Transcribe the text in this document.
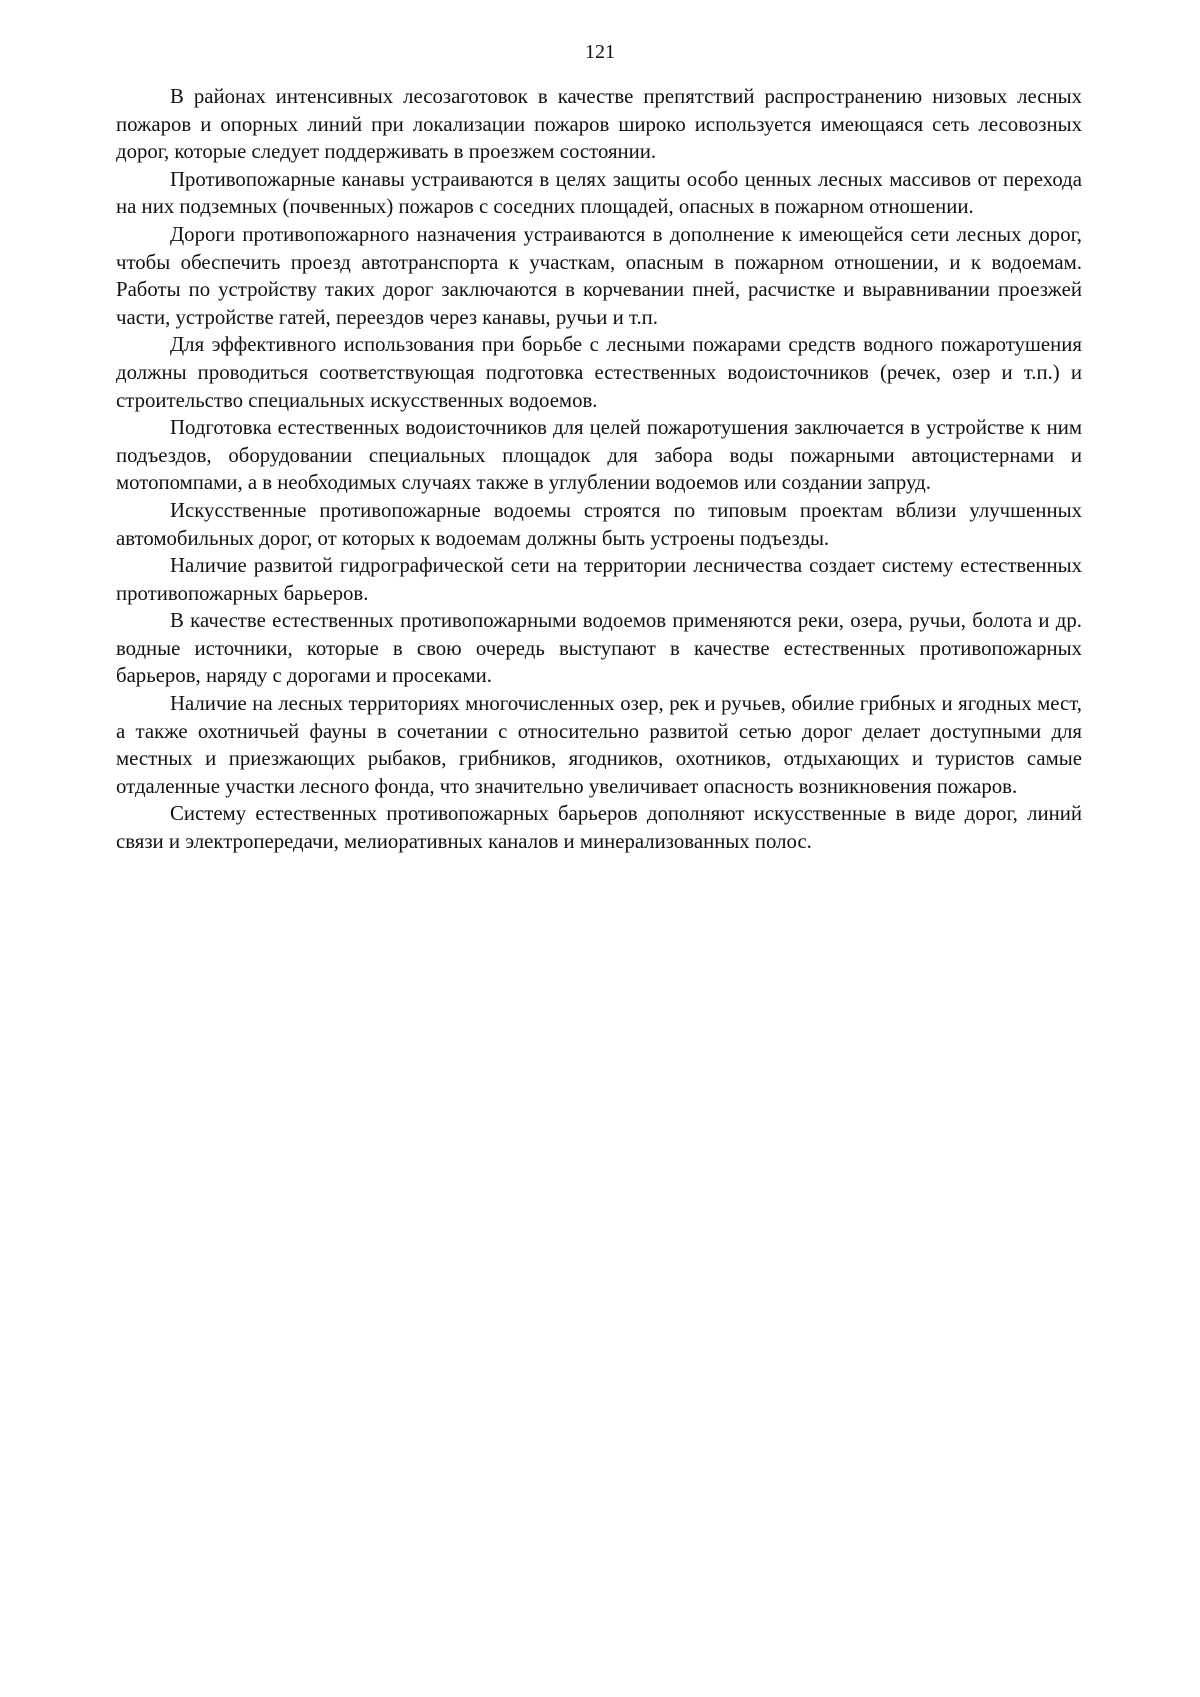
121

В районах интенсивных лесозаготовок в качестве препятствий распространению низовых лесных пожаров и опорных линий при локализации пожаров широко используется имеющаяся сеть лесовозных дорог, которые следует поддерживать в проезжем состоянии.

Противопожарные канавы устраиваются в целях защиты особо ценных лесных массивов от перехода на них подземных (почвенных) пожаров с соседних площадей, опасных в пожарном отношении.

Дороги противопожарного назначения устраиваются в дополнение к имеющейся сети лесных дорог, чтобы обеспечить проезд автотранспорта к участкам, опасным в пожарном отношении, и к водоемам. Работы по устройству таких дорог заключаются в корчевании пней, расчистке и выравнивании проезжей части, устройстве гатей, переездов через канавы, ручьи и т.п.

Для эффективного использования при борьбе с лесными пожарами средств водного пожаротушения должны проводиться соответствующая подготовка естественных водоисточников (речек, озер и т.п.) и строительство специальных искусственных водоемов.

Подготовка естественных водоисточников для целей пожаротушения заключается в устройстве к ним подъездов, оборудовании специальных площадок для забора воды пожарными автоцистернами и мотопомпами, а в необходимых случаях также в углублении водоемов или создании запруд.

Искусственные противопожарные водоемы строятся по типовым проектам вблизи улучшенных автомобильных дорог, от которых к водоемам должны быть устроены подъезды.

Наличие развитой гидрографической сети на территории лесничества создает систему естественных противопожарных барьеров.

В качестве естественных противопожарными водоемов применяются реки, озера, ручьи, болота и др. водные источники, которые в свою очередь выступают в качестве естественных противопожарных барьеров, наряду с дорогами и просеками.

Наличие на лесных территориях многочисленных озер, рек и ручьев, обилие грибных и ягодных мест, а также охотничьей фауны в сочетании с относительно развитой сетью дорог делает доступными для местных и приезжающих рыбаков, грибников, ягодников, охотников, отдыхающих и туристов самые отдаленные участки лесного фонда, что значительно увеличивает опасность возникновения пожаров.

Систему естественных противопожарных барьеров дополняют искусственные в виде дорог, линий связи и электропередачи, мелиоративных каналов и минерализованных полос.
